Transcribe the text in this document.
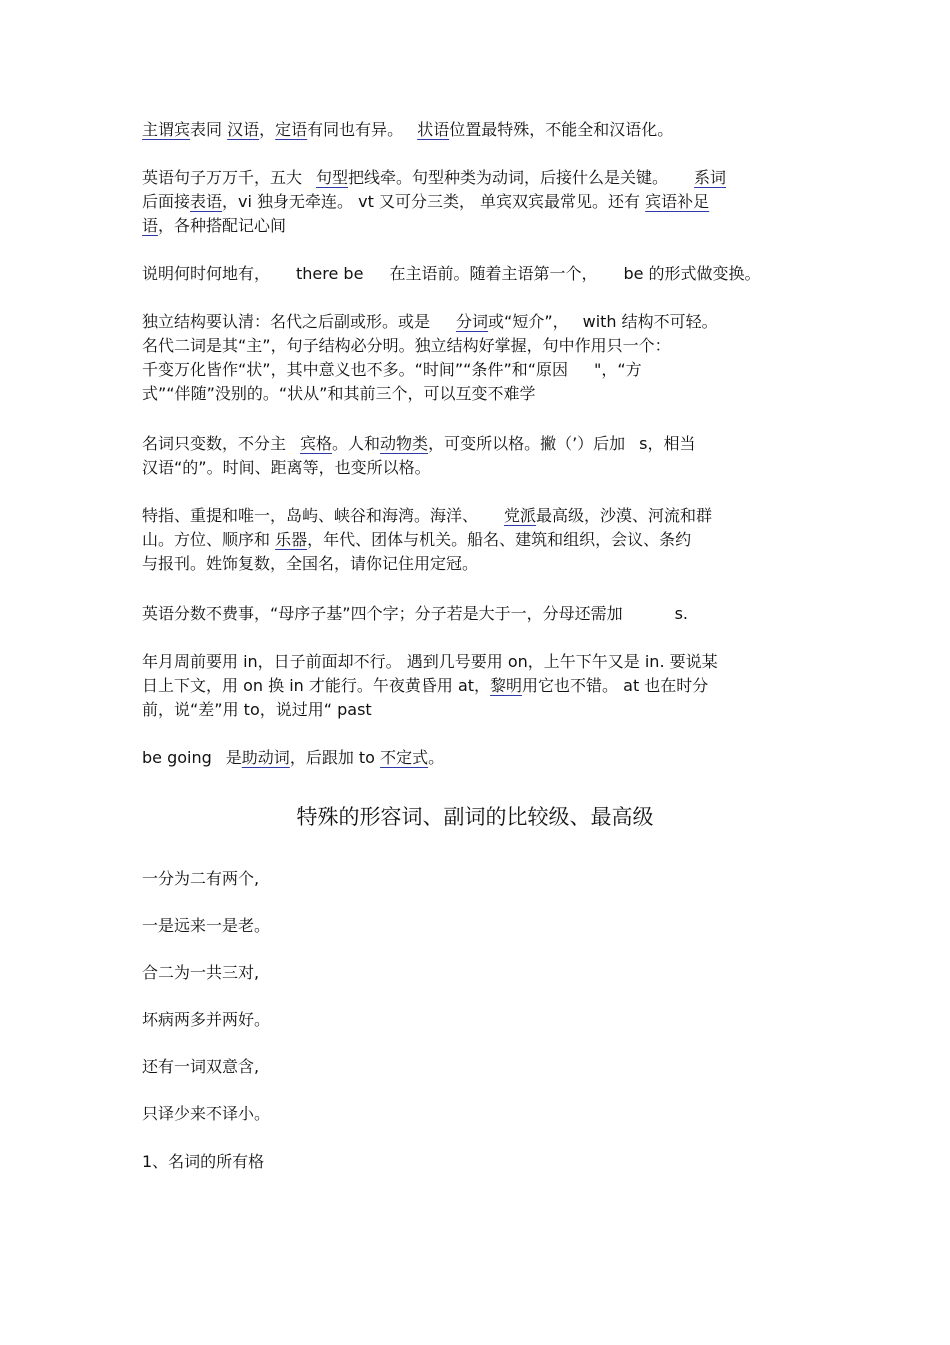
主谓宾表同 汉语，定语有同也有异。 状语位置最特殊，不能全和汉语化。

英语句子万万千，五大 句型把线牵。句型种类为动词，后接什么是关键。 系词
后面接表语，vi 独身无牵连。 vt 又可分三类， 单宾双宾最常见。还有 宾语补足
语，各种搭配记心间

说明何时何地有， there be 在主语前。随着主语第一个， be 的形式做变换。

独立结构要认清：名代之后副或形。或是 分词或“短介”， with 结构不可轻。
名代二词是其“主”，句子结构必分明。独立结构好掌握，句中作用只一个：
千变万化皆作“状”，其中意义也不多。“时间”“条件”和“原因 "，“方
式”“伴随”没别的。“状从”和其前三个，可以互变不难学

名词只变数，不分主 宾格。人和动物类，可变所以格。撇（’）后加 s，相当
汉语“的”。时间、距离等，也变所以格。

特指、重提和唯一，岛屿、峡谷和海湾。海洋、 党派最高级，沙漠、河流和群
山。方位、顺序和 乐器，年代、团体与机关。船名、建筑和组织，会议、条约
与报刊。姓饰复数，全国名，请你记住用定冠。

英语分数不费事，“母序子基”四个字；分子若是大于一，分母还需加	s.

年月周前要用 in，日子前面却不行。 遇到几号要用 on，上午下午又是 in. 要说某
日上下文，用 on 换 in 才能行。午夜黄昏用 at，黎明用它也不错。 at 也在时分
前，说“差”用 to，说过用“ past

be going 是助动词，后跟加 to 不定式。

特殊的形容词、副词的比较级、最高级

一分为二有两个,

一是远来一是老。

合二为一共三对,

坏病两多并两好。

还有一词双意含,

只译少来不译小。

1、名词的所有格
